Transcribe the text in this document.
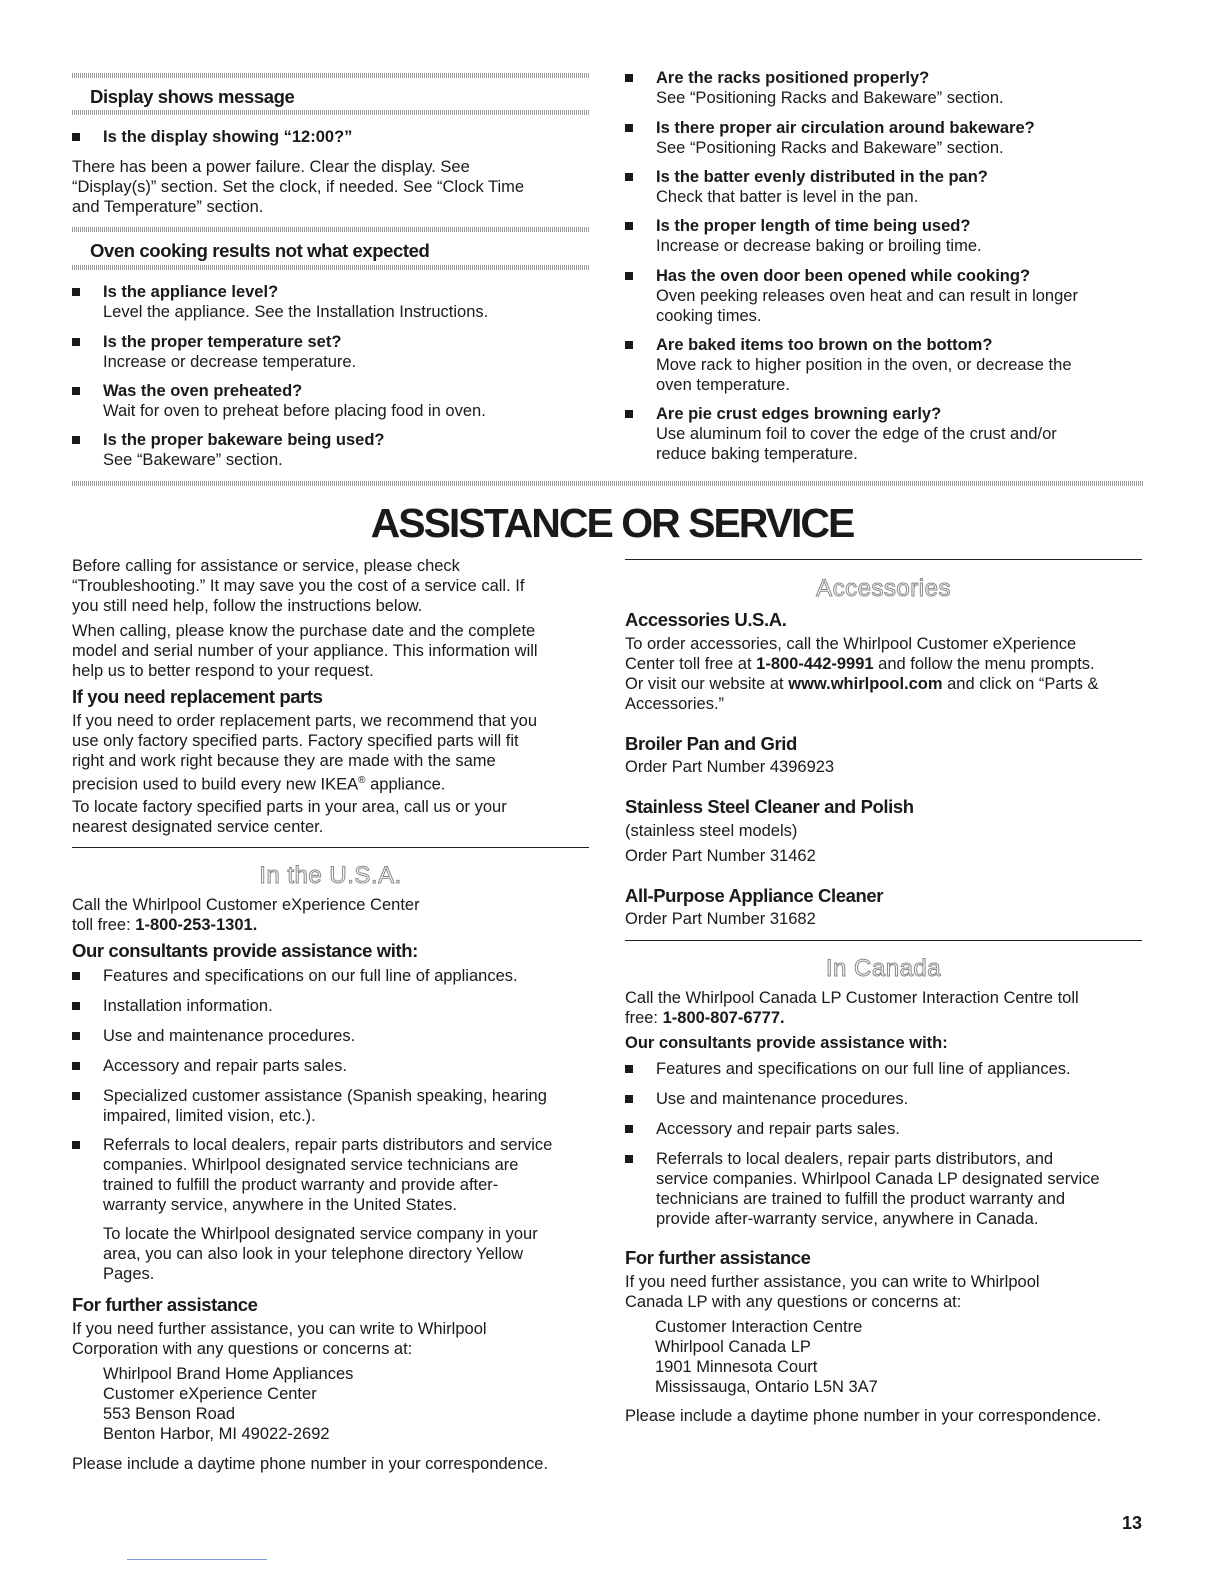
Display shows message
Is the display showing “12:00?”
There has been a power failure. Clear the display. See
“Display(s)” section. Set the clock, if needed. See “Clock Time
and Temperature” section.
Oven cooking results not what expected
Is the appliance level?
Level the appliance. See the Installation Instructions.
Is the proper temperature set?
Increase or decrease temperature.
Was the oven preheated?
Wait for oven to preheat before placing food in oven.
Is the proper bakeware being used?
See “Bakeware” section.
Are the racks positioned properly?
See “Positioning Racks and Bakeware” section.
Is there proper air circulation around bakeware?
See “Positioning Racks and Bakeware” section.
Is the batter evenly distributed in the pan?
Check that batter is level in the pan.
Is the proper length of time being used?
Increase or decrease baking or broiling time.
Has the oven door been opened while cooking?
Oven peeking releases oven heat and can result in longer
cooking times.
Are baked items too brown on the bottom?
Move rack to higher position in the oven, or decrease the
oven temperature.
Are pie crust edges browning early?
Use aluminum foil to cover the edge of the crust and/or
reduce baking temperature.
ASSISTANCE OR SERVICE
Before calling for assistance or service, please check
“Troubleshooting.” It may save you the cost of a service call. If
you still need help, follow the instructions below.
When calling, please know the purchase date and the complete
model and serial number of your appliance. This information will
help us to better respond to your request.
If you need replacement parts
If you need to order replacement parts, we recommend that you
use only factory specified parts. Factory specified parts will fit
right and work right because they are made with the same
precision used to build every new IKEA® appliance.
To locate factory specified parts in your area, call us or your
nearest designated service center.
In the U.S.A.
Call the Whirlpool Customer eXperience Center
toll free: 1-800-253-1301.
Our consultants provide assistance with:
Features and specifications on our full line of appliances.
Installation information.
Use and maintenance procedures.
Accessory and repair parts sales.
Specialized customer assistance (Spanish speaking, hearing
impaired, limited vision, etc.).
Referrals to local dealers, repair parts distributors and service
companies. Whirlpool designated service technicians are
trained to fulfill the product warranty and provide after-
warranty service, anywhere in the United States.
To locate the Whirlpool designated service company in your
area, you can also look in your telephone directory Yellow
Pages.
For further assistance
If you need further assistance, you can write to Whirlpool
Corporation with any questions or concerns at:
Whirlpool Brand Home Appliances
Customer eXperience Center
553 Benson Road
Benton Harbor, MI 49022-2692
Please include a daytime phone number in your correspondence.
Accessories
Accessories U.S.A.
To order accessories, call the Whirlpool Customer eXperience
Center toll free at 1-800-442-9991 and follow the menu prompts.
Or visit our website at www.whirlpool.com and click on “Parts &
Accessories.”
Broiler Pan and Grid
Order Part Number 4396923
Stainless Steel Cleaner and Polish
(stainless steel models)
Order Part Number 31462
All-Purpose Appliance Cleaner
Order Part Number 31682
In Canada
Call the Whirlpool Canada LP Customer Interaction Centre toll
free: 1-800-807-6777.
Our consultants provide assistance with:
Features and specifications on our full line of appliances.
Use and maintenance procedures.
Accessory and repair parts sales.
Referrals to local dealers, repair parts distributors, and
service companies. Whirlpool Canada LP designated service
technicians are trained to fulfill the product warranty and
provide after-warranty service, anywhere in Canada.
For further assistance
If you need further assistance, you can write to Whirlpool
Canada LP with any questions or concerns at:
Customer Interaction Centre
Whirlpool Canada LP
1901 Minnesota Court
Mississauga, Ontario L5N 3A7
Please include a daytime phone number in your correspondence.
13
